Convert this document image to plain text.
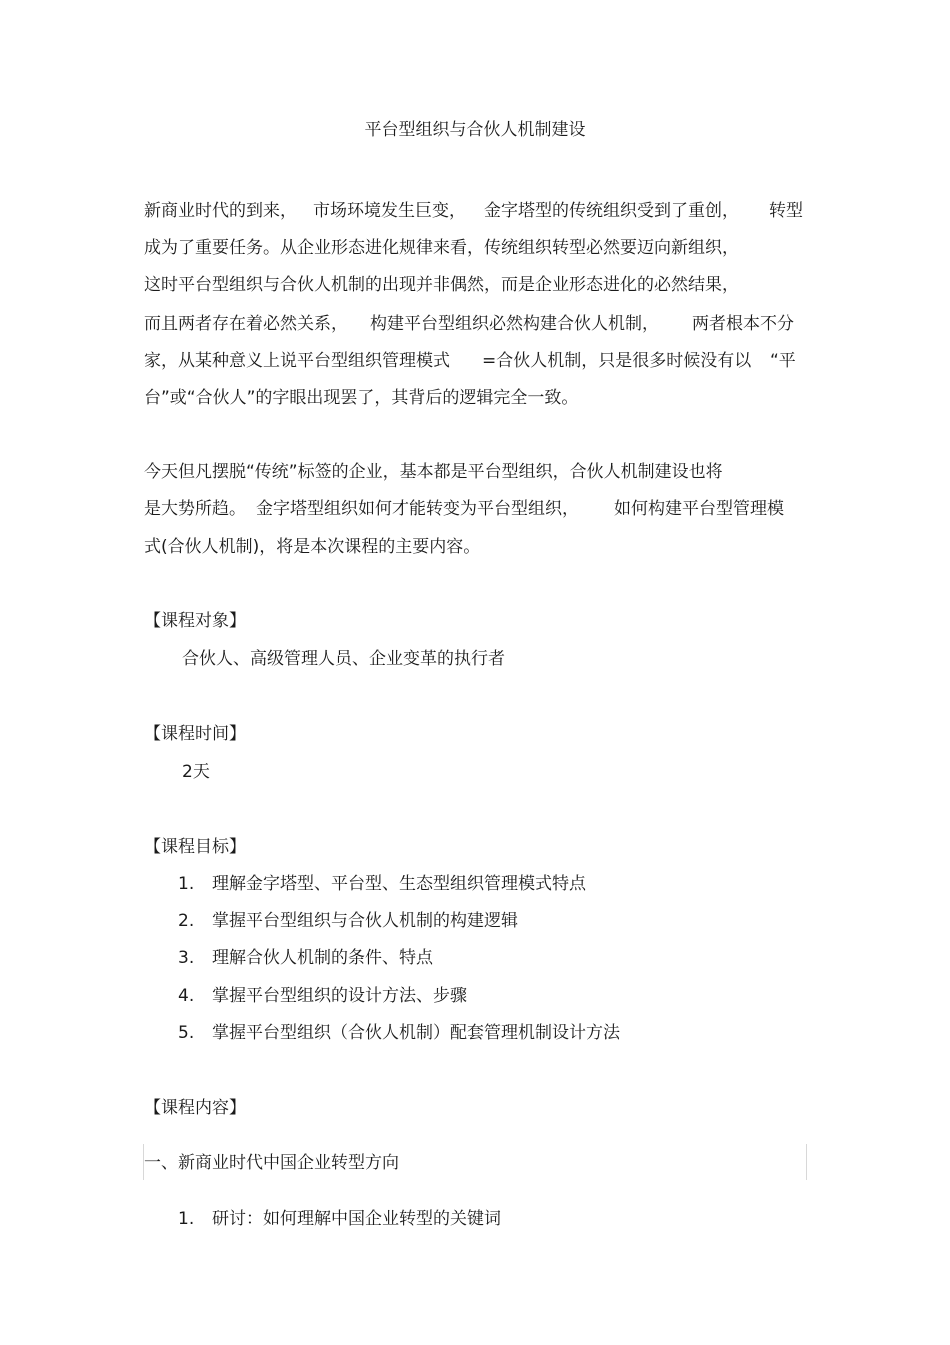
平台型组织与合伙人机制建设
新商业时代的到来， 市场环境发生巨变， 金字塔型的传统组织受到了重创， 转型
成为了重要任务。从企业形态进化规律来看，传统组织转型必然要迈向新组织，
这时平台型组织与合伙人机制的出现并非偶然，而是企业形态进化的必然结果，
而且两者存在着必然关系， 构建平台型组织必然构建合伙人机制， 两者根本不分
家，从某种意义上说平台型组织管理模式 =合伙人机制，只是很多时候没有以 “平
台”或“合伙人”的字眼出现罢了，其背后的逻辑完全一致。
今天但凡摆脱“传统”标签的企业，基本都是平台型组织，合伙人机制建设也将
是大势所趋。 金字塔型组织如何才能转变为平台型组织， 如何构建平台型管理模
式(合伙人机制)，将是本次课程的主要内容。
【课程对象】
合伙人、高级管理人员、企业变革的执行者
【课程时间】
2天
【课程目标】
1. 理解金字塔型、平台型、生态型组织管理模式特点
2. 掌握平台型组织与合伙人机制的构建逻辑
3. 理解合伙人机制的条件、特点
4. 掌握平台型组织的设计方法、步骤
5. 掌握平台型组织（合伙人机制）配套管理机制设计方法
【课程内容】
一、新商业时代中国企业转型方向
1. 研讨：如何理解中国企业转型的关键词
